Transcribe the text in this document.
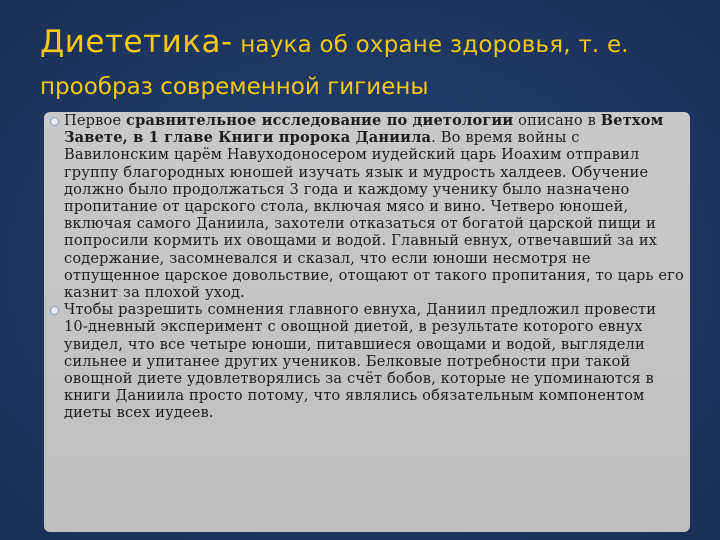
Диететика- наука об охране здоровья, т. е.
прообраз современной гигиены
Первое сравнительное исследование по диетологии описано в Ветхом Завете, в 1 главе Книги пророка Даниила. Во время войны с Вавилонским царём Навуходоносером иудейский царь Иоахим отправил группу благородных юношей изучать язык и мудрость халдеев. Обучение должно было продолжаться 3 года и каждому ученику было назначено пропитание от царского стола, включая мясо и вино. Четверо юношей, включая самого Даниила, захотели отказаться от богатой царской пищи и попросили кормить их овощами и водой. Главный евнух, отвечавший за их содержание, засомневался и сказал, что если юноши несмотря не отпущенное царское довольствие, отощают от такого пропитания, то царь его казнит за плохой уход.
Чтобы разрешить сомнения главного евнуха, Даниил предложил провести 10-дневный эксперимент с овощной диетой, в результате которого евнух увидел, что все четыре юноши, питавшиеся овощами и водой, выглядели сильнее и упитанее других учеников. Белковые потребности при такой овощной диете удовлетворялись за счёт бобов, которые не упоминаются в книги Даниила просто потому, что являлись обязательным компонентом диеты всех иудеев.
